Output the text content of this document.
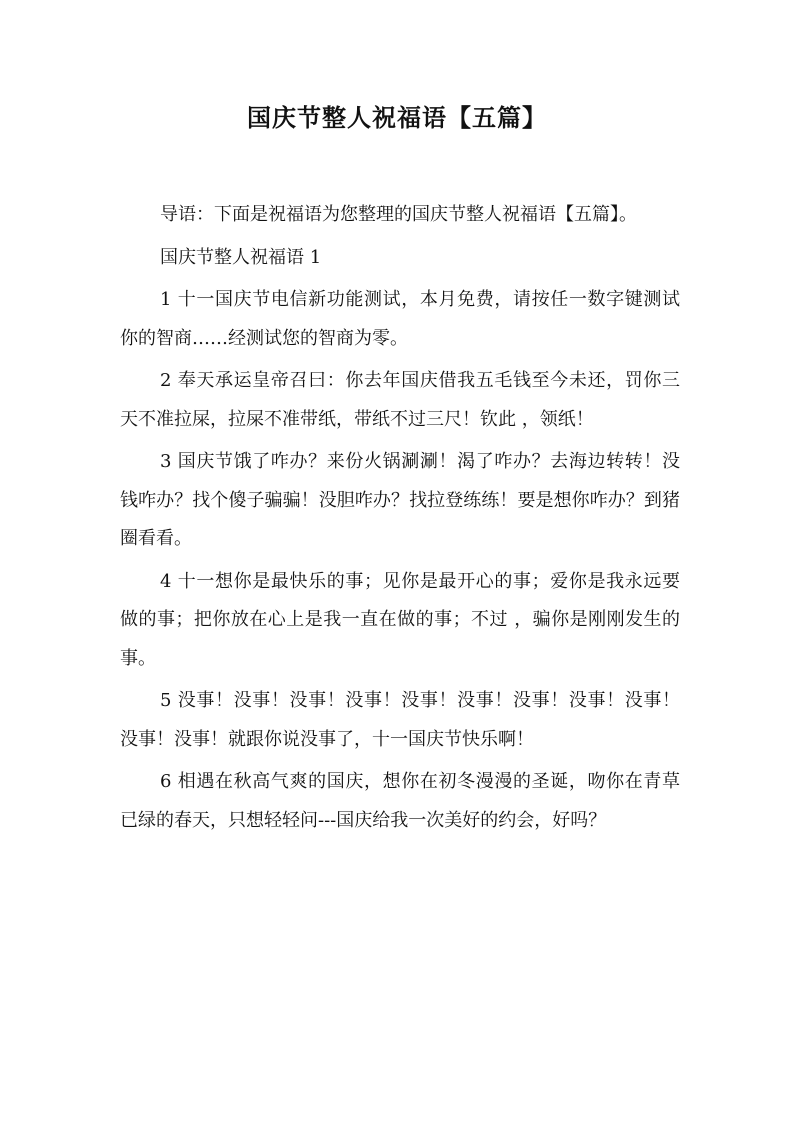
国庆节整人祝福语【五篇】

导语：下面是祝福语为您整理的国庆节整人祝福语【五篇】。

国庆节整人祝福语 1

1 十一国庆节电信新功能测试，本月免费，请按任一数字键测试你的智商……经测试您的智商为零。

2 奉天承运皇帝召曰：你去年国庆借我五毛钱至今未还，罚你三天不准拉屎，拉屎不准带纸，带纸不过三尺！钦此 ，领纸！

3 国庆节饿了咋办？来份火锅涮涮！渴了咋办？去海边转转！没钱咋办？找个傻子骗骗！没胆咋办？找拉登练练！要是想你咋办？到猪圈看看。

4 十一想你是最快乐的事；见你是最开心的事；爱你是我永远要做的事；把你放在心上是我一直在做的事；不过 ，骗你是刚刚发生的事。

5 没事！没事！没事！没事！没事！没事！没事！没事！没事！没事！没事！就跟你说没事了，十一国庆节快乐啊！

6 相遇在秋高气爽的国庆，想你在初冬漫漫的圣诞，吻你在青草已绿的春天，只想轻轻问---国庆给我一次美好的约会，好吗？
